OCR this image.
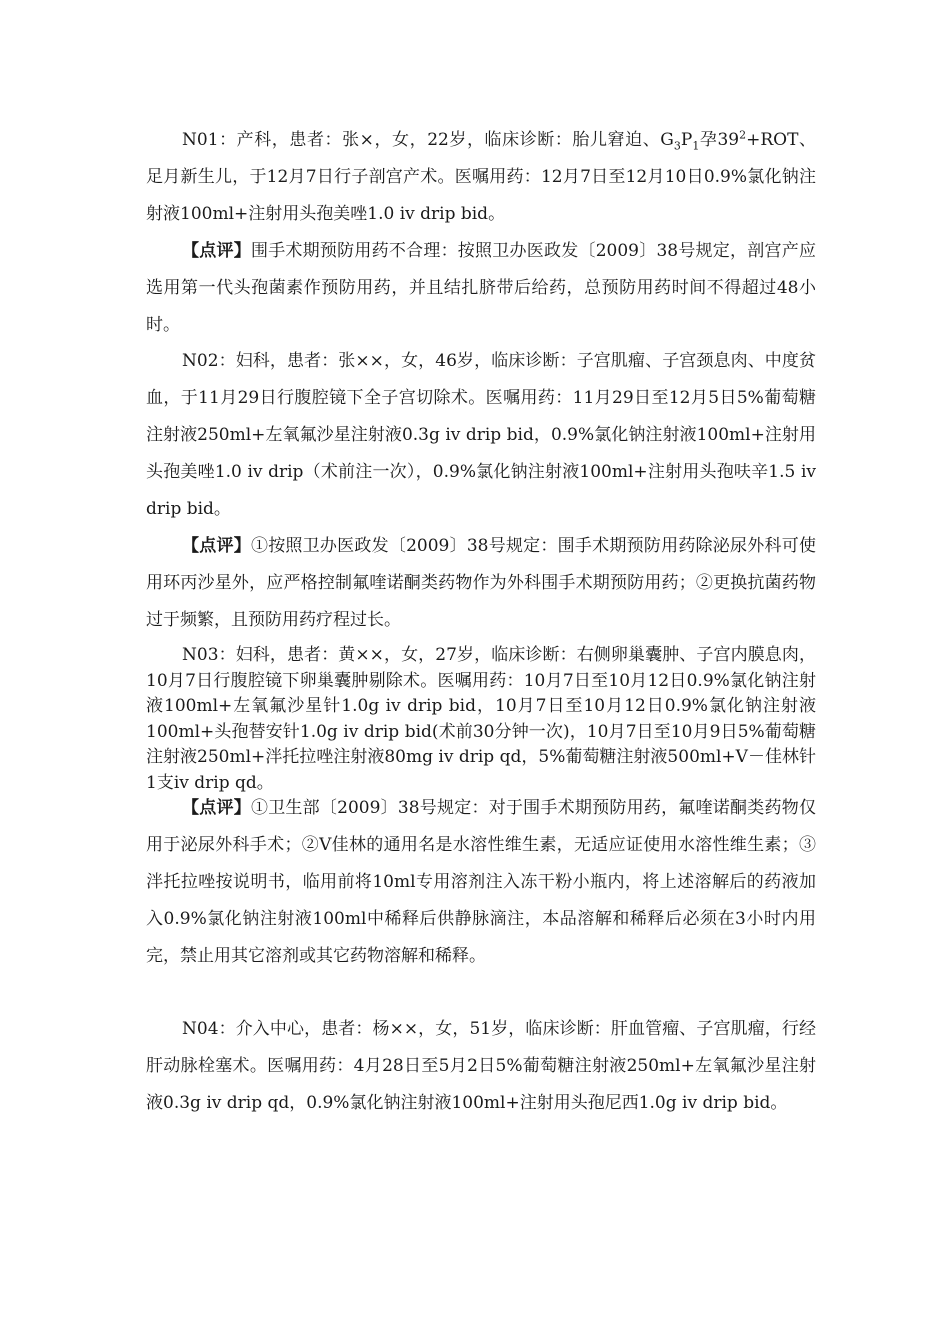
N01：产科，患者：张×，女，22岁，临床诊断：胎儿窘迫、$G_3P_1$孕$39^2+ROT$、足月新生儿，于12月7日行子剖宫产术。医嘱用药：12月7日至12月10日0.9%氯化钠注射液100ml+注射用头孢美唑1.0 iv drip bid。

【点评】围手术期预防用药不合理：按照卫办医政发〔2009〕38号规定，剖宫产应选用第一代头孢菌素作预防用药，并且结扎脐带后给药，总预防用药时间不得超过48小时。

N02：妇科，患者：张××，女，46岁，临床诊断：子宫肌瘤、子宫颈息肉、中度贫血，于11月29日行腹腔镜下全子宫切除术。医嘱用药：11月29日至12月5日5%葡萄糖注射液250ml+左氧氟沙星注射液0.3g iv drip bid，0.9%氯化钠注射液100ml+注射用头孢美唑1.0 iv drip（术前注一次），0.9%氯化钠注射液100ml+注射用头孢呋辛1.5 iv drip bid。

【点评】①按照卫办医政发〔2009〕38号规定：围手术期预防用药除泌尿外科可使用环丙沙星外，应严格控制氟喹诺酮类药物作为外科围手术期预防用药；②更换抗菌药物过于频繁，且预防用药疗程过长。

N03：妇科，患者：黄××，女，27岁，临床诊断：右侧卵巢囊肿、子宫内膜息肉，10月7日行腹腔镜下卵巢囊肿剔除术。医嘱用药：10月7日至10月12日0.9%氯化钠注射液100ml+左氧氟沙星针1.0g iv drip bid，10月7日至10月12日0.9%氯化钠注射液100ml+头孢替安针1.0g iv drip bid(术前30分钟一次)，10月7日至10月9日5%葡萄糖注射液250ml+泮托拉唑注射液80mg iv drip qd，5%葡萄糖注射液500ml+V－佳林针1支iv drip qd。

【点评】①卫生部〔2009〕38号规定：对于围手术期预防用药，氟喹诺酮类药物仅用于泌尿外科手术；②V佳林的通用名是水溶性维生素，无适应证使用水溶性维生素；③泮托拉唑按说明书，临用前将10ml专用溶剂注入冻干粉小瓶内，将上述溶解后的药液加入0.9%氯化钠注射液100ml中稀释后供静脉滴注，本品溶解和稀释后必须在3小时内用完，禁止用其它溶剂或其它药物溶解和稀释。

N04：介入中心，患者：杨××，女，51岁，临床诊断：肝血管瘤、子宫肌瘤，行经肝动脉栓塞术。医嘱用药：4月28日至5月2日5%葡萄糖注射液250ml+左氧氟沙星注射液0.3g iv drip qd，0.9%氯化钠注射液100ml+注射用头孢尼西1.0g iv drip bid。
